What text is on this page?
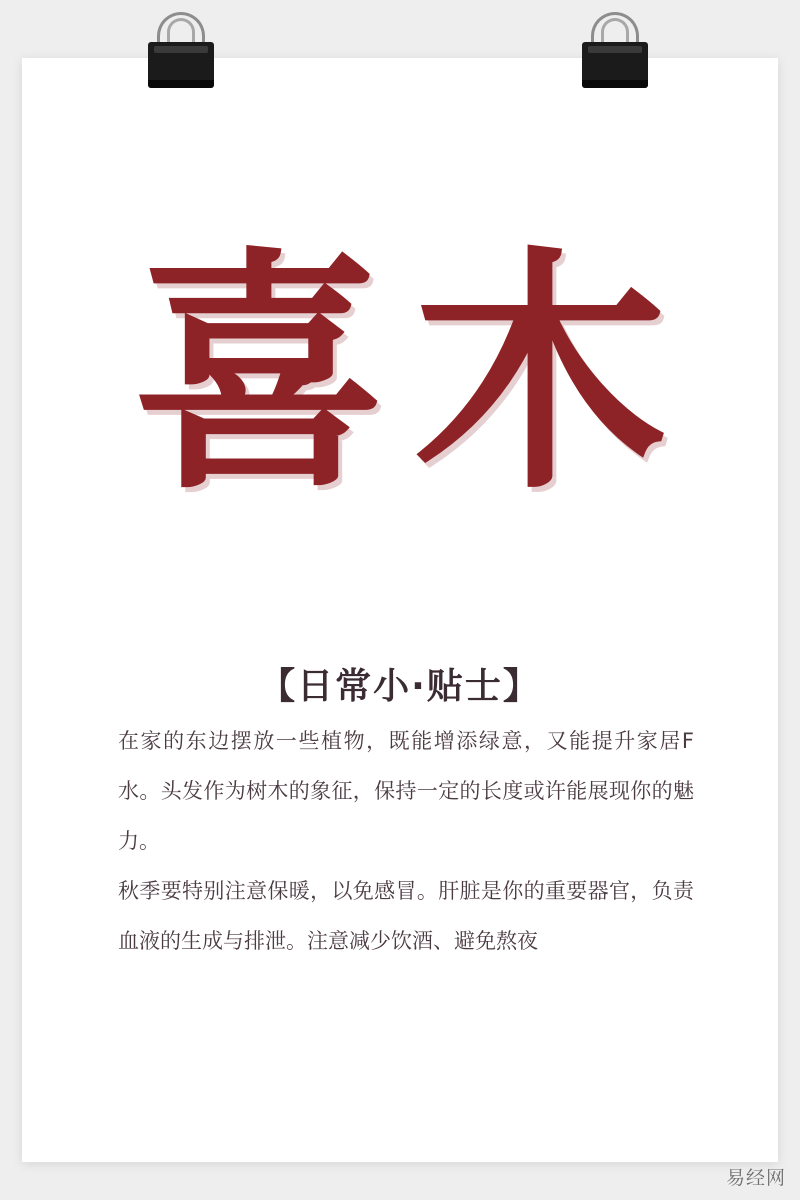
喜木
【日常小·贴士】

在家的东边摆放一些植物，既能增添绿意，又能提升家居F 水。头发作为树木的象征，保持一定的长度或许能展现你的魅力。

秋季要特别注意保暖，以免感冒。肝脏是你的重要器官，负责血液的生成与排泄。注意减少饮酒、避免熬夜

易经网
